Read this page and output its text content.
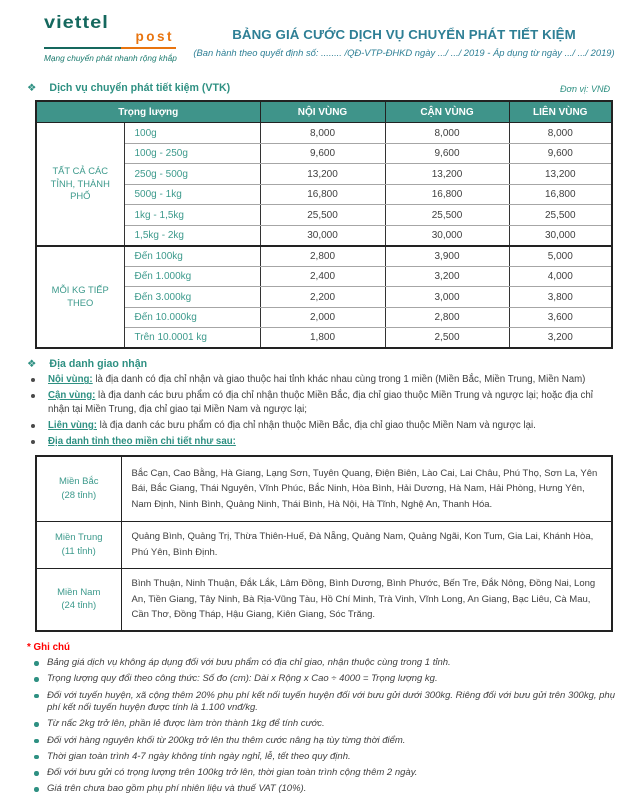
viettel
post
Mạng chuyển phát nhanh rộng khắp
BẢNG GIÁ CƯỚC DỊCH VỤ CHUYỂN PHÁT TIẾT KIỆM
(Ban hành theo quyết định số: ........ /QĐ-VTP-ĐHKD ngày .../ .../ 2019 - Áp dụng từ ngày .../ .../ 2019)
❖ Dịch vụ chuyển phát tiết kiệm (VTK)	Đơn vị: VNĐ
Trọng lượng		NỘI VÙNG	CẬN VÙNG	LIÊN VÙNG
TẤT CẢ CÁC TỈNH, THÀNH PHỐ	100g	8,000	8,000	8,000
	100g - 250g	9,600	9,600	9,600
	250g - 500g	13,200	13,200	13,200
	500g - 1kg	16,800	16,800	16,800
	1kg - 1,5kg	25,500	25,500	25,500
	1,5kg - 2kg	30,000	30,000	30,000
MỖI KG TIẾP THEO	Đến 100kg	2,800	3,900	5,000
	Đến 1.000kg	2,400	3,200	4,000
	Đến 3.000kg	2,200	3,000	3,800
	Đến 10.000kg	2,000	2,800	3,600
	Trên 10.0001 kg	1,800	2,500	3,200
❖ Địa danh giao nhận
Nội vùng: là địa danh có địa chỉ nhận và giao thuộc hai tỉnh khác nhau cùng trong 1 miền (Miền Bắc, Miền Trung, Miền Nam)
Cận vùng: là địa danh các bưu phẩm có địa chỉ nhận thuộc Miền Bắc, địa chỉ giao thuộc Miền Trung và ngược lại; hoặc địa chỉ nhận tại Miền Trung, địa chỉ giao tại Miền Nam và ngược lại;
Liên vùng: là địa danh các bưu phẩm có địa chỉ nhận thuộc Miền Bắc, địa chỉ giao thuộc Miền Nam và ngược lại.
Địa danh tỉnh theo miền chi tiết như sau:
Miền Bắc
(28 tỉnh)	Bắc Cạn, Cao Bằng, Hà Giang, Lạng Sơn, Tuyên Quang, Điện Biên, Lào Cai, Lai Châu, Phú Thọ, Sơn La, Yên Bái, Bắc Giang, Thái Nguyên, Vĩnh Phúc, Bắc Ninh, Hòa Bình, Hải Dương, Hà Nam, Hải Phòng, Hưng Yên, Nam Định, Ninh Bình, Quảng Ninh, Thái Bình, Hà Nội, Hà Tĩnh, Nghệ An, Thanh Hóa.

Miền Trung
(11 tỉnh)	Quảng Bình, Quảng Trị, Thừa Thiên-Huế, Đà Nẵng, Quảng Nam, Quảng Ngãi, Kon Tum, Gia Lai, Khánh Hòa, Phú Yên, Bình Định.

Miền Nam
(24 tỉnh)	Bình Thuận, Ninh Thuận, Đắk Lắk, Lâm Đồng, Bình Dương, Bình Phước, Bến Tre, Đắk Nông, Đồng Nai, Long An, Tiền Giang, Tây Ninh, Bà Rịa-Vũng Tàu, Hồ Chí Minh, Trà Vinh, Vĩnh Long, An Giang, Bạc Liêu, Cà Mau, Cần Thơ, Đồng Tháp, Hậu Giang, Kiên Giang, Sóc Trăng.
* Ghi chú
Bảng giá dịch vụ không áp dụng đối với bưu phẩm có địa chỉ giao, nhận thuộc cùng trong 1 tỉnh.
Trọng lượng quy đổi theo công thức: Số đo (cm): Dài x Rộng x Cao ÷ 4000 = Trọng lượng kg.
Đối với tuyến huyện, xã cộng thêm 20% phụ phí kết nối tuyến huyện đối với bưu gửi dưới 300kg. Riêng đối với bưu gửi trên 300kg, phụ phí kết nối tuyến huyện được tính là 1.100 vnđ/kg.
Từ nấc 2kg trở lên, phần lẻ được làm tròn thành 1kg để tính cước.
Đối với hàng nguyên khối từ 200kg trở lên thu thêm cước nâng hạ tùy từng thời điểm.
Thời gian toàn trình 4-7 ngày không tính ngày nghỉ, lễ, tết theo quy định.
Đối với bưu gửi có trọng lượng trên 100kg trở lên, thời gian toàn trình cộng thêm 2 ngày.
Giá trên chưa bao gồm phụ phí nhiên liệu và thuế VAT (10%).
